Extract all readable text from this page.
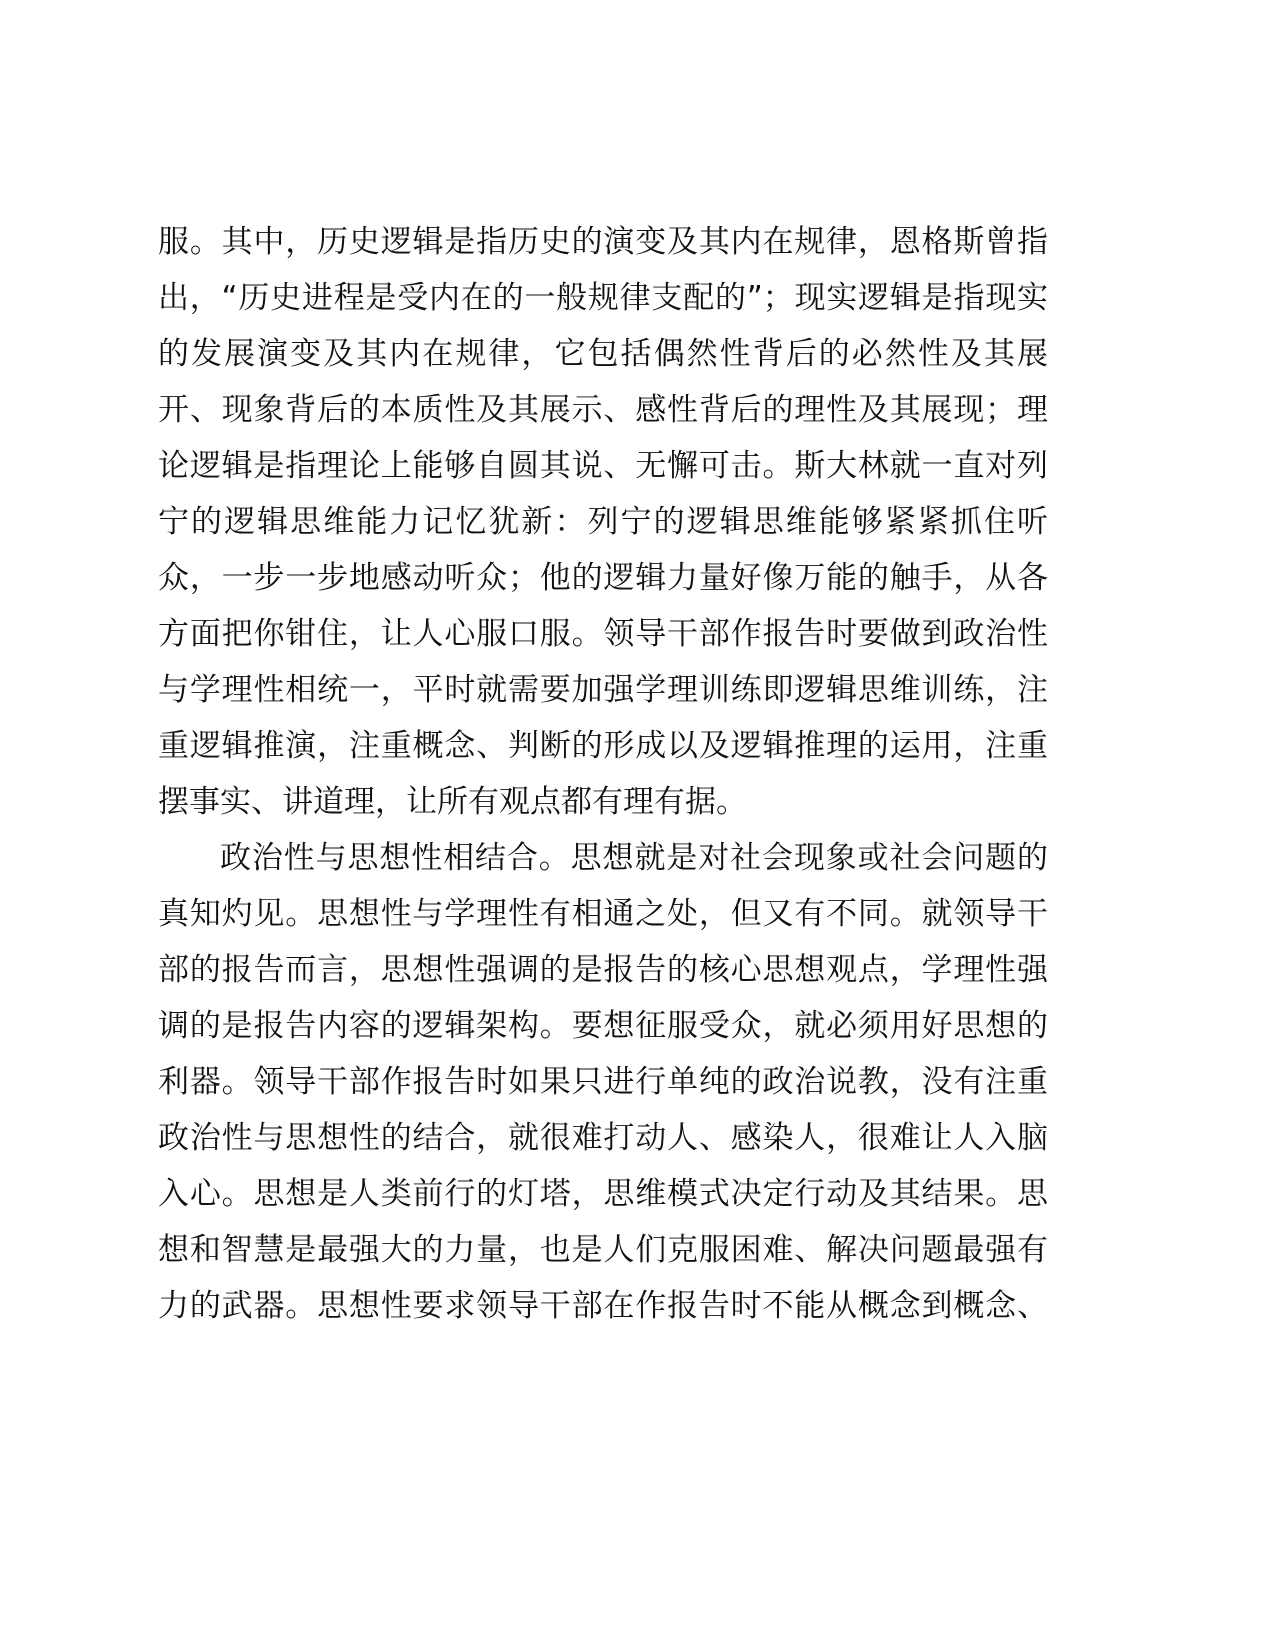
服。其中，历史逻辑是指历史的演变及其内在规律，恩格斯曾指
出，“历史进程是受内在的一般规律支配的”；现实逻辑是指现实
的发展演变及其内在规律，它包括偶然性背后的必然性及其展
开、现象背后的本质性及其展示、感性背后的理性及其展现；理
论逻辑是指理论上能够自圆其说、无懈可击。斯大林就一直对列
宁的逻辑思维能力记忆犹新：列宁的逻辑思维能够紧紧抓住听
众，一步一步地感动听众；他的逻辑力量好像万能的触手，从各
方面把你钳住，让人心服口服。领导干部作报告时要做到政治性
与学理性相统一，平时就需要加强学理训练即逻辑思维训练，注
重逻辑推演，注重概念、判断的形成以及逻辑推理的运用，注重
摆事实、讲道理，让所有观点都有理有据。
政治性与思想性相结合。思想就是对社会现象或社会问题的
真知灼见。思想性与学理性有相通之处，但又有不同。就领导干
部的报告而言，思想性强调的是报告的核心思想观点，学理性强
调的是报告内容的逻辑架构。要想征服受众，就必须用好思想的
利器。领导干部作报告时如果只进行单纯的政治说教，没有注重
政治性与思想性的结合，就很难打动人、感染人，很难让人入脑
入心。思想是人类前行的灯塔，思维模式决定行动及其结果。思
想和智慧是最强大的力量，也是人们克服困难、解决问题最强有
力的武器。思想性要求领导干部在作报告时不能从概念到概念、
